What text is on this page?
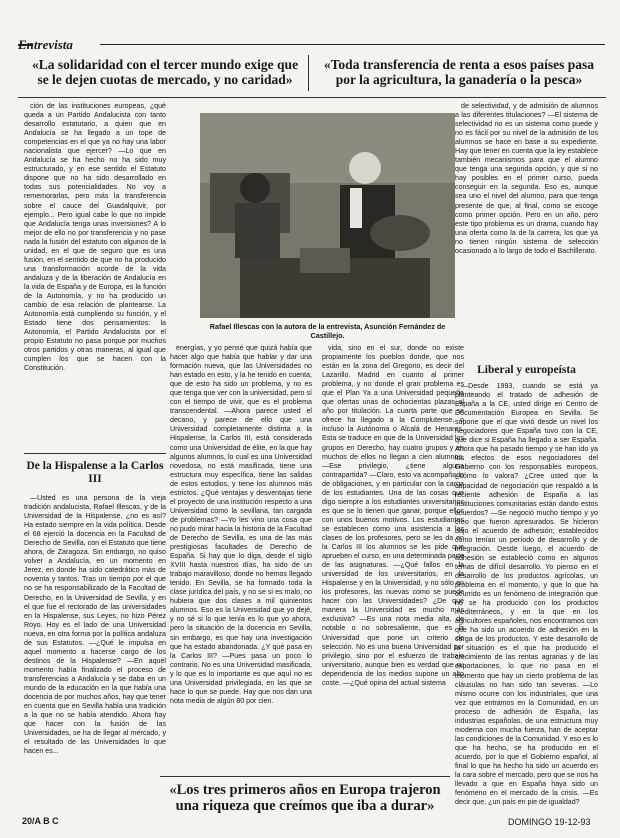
Entrevista
«La solidaridad con el tercer mundo exige que se le dejen cuotas de mercado, y no caridad»
«Toda transferencia de renta a esos países pasa por la agricultura, la ganadería o la pesca»

ción de las instituciones europeas, ¿qué queda a un Partido Andalucista con tanto desarrollo estatutario, a quien que en Andalucía se ha llegado a un tope de competencias en el que ya no hay una labor nacionalista que ejercer? —Lo que en Andalucía se ha hecho no ha sido muy estructurado, y en ese sentido el Estatuto dispone que no ha sido desarrollado en todas sus potencialidades. No voy a rememorarlas, pero más la transferencia sobre el cauce del Guadalquivir, por ejemplo... Pero igual cabe lo que no impide que Andalucía tenga unas inversiones? A lo mejor de ello no por transferencia y no pase nada la fusión del estatuto con algunos de la unidad, en el que de seguro que es una fusión, en el sentido de que no ha producido una transformación acorde de la vida andaluza y de la liberación de Andalucía en la vida de España y de Europa, es la función de la Autonomía, y no ha producido un cambio de esa relación de plantearse. La Autonomía está cumpliendo su función, y el Estado tiene dos pensamientos: la Autonomía, el Partido Andalucista por el propio Estatuto no pasa porque por muchos otros partidos y otras maneras, al igual que cumplen los que se hacen con la Constitución.

De la Hispalense a la Carlos III

—Usted es una persona de la vieja tradición andalucista, Rafael Illescas, y de la Universidad de la Hispalense, ¿no es así? Ha estado siempre en la vida política. Desde el 68 ejerció la docencia en la Facultad de Derecho de Sevilla, con el Estatuto que tiene ahora, de Zaragoza. Sin embargo, no quiso volver a Andalucía, en un momento en Jerez, en donde ha sido catedrático más de noventa y tantos. Tras un tiempo por el que no se ha responsabilizado de la Facultad de Derecho, en la Universidad de Sevilla, y en el que fue el rectorado de las universidades en la Hispalense, sus Leyes, no hizo Pérez Royo. Hoy es el lado de una Universidad nueva, en otra forma por la política andaluza de sus Estatutos. —¿Qué le impulsa en aquel momento a hacerse cargo de los destinos de la Hispalense? —En aquel momento había finalizado el proceso de transferencias a Andalucía y se daba en un mundo de la educación en la que había una docencia de por muchos años, hay que tener en cuenta que en Sevilla había una tradición a la que no se había atendido. Ahora hay que hacer con la fusión de las Universidades, se ha de llegar al mercado, y el resultado de las Universidades lo que hacen es...

Rafael Illescas con la autora de la entrevista, Asunción Fernández de Castillejo.

energías, y yo pensé que quizá había que hacer algo que había que hablar y dar una formación nueva, que las Universidades no han estado en esto, y la he tenido en cuenta, que de esto ha sido un problema, y no es que tenga que ver con la universidad, pero sí con el tiempo de vivir, que es el problema transcendental. —Ahora parece usted el decano, y parece de ello que una Universidad completamente distinta a la Hispalense, la Carlos III, está considerada como una Universidad de élite, en la que hay algunos alumnos, lo cual es una Universidad novedosa, no está masificada, tiene una estructura muy específica, tiene las salidas de estos estudios, y tiene los alumnos más estrictos. ¿Qué ventajas y desventajas tiene el proyecto de una institución respecto a una Universidad como la sevillana, tan cargada de problemas? —Yo les vino una cosa que no pudo mirar hacia la historia de la Facultad de Derecho de Sevilla, es una de las más prestigiosas facultades de Derecho de España. Si hay que lo diga, desde el siglo XVIII hasta nuestros días, ha sido de un trabajo maravilloso, donde no hemos llegado tenido. En Sevilla, se ha formado toda la clase jurídica del país, y no se si es malo, no hubiera que dos clases a mil quinientos alumnos. Eso es la Universidad que yo dejé, y no sé si lo que tenía es lo que yo ahora, pero la situación de la docencia en Sevilla, sin embargo, es que hay una investigación que ha estado abandonada. ¿Y qué pasa en la Carlos III? —Pues pasa un poco lo contrario. No es una Universidad masificada, y lo que es lo importante es que aquí no es una Universidad privilegiada, en las que se hace lo que se puede. Hay que nos dan una nota media de algún 80 por cien.

vida, sino en el sur, donde no existe propiamente los pueblos donde, que nos están en la zona del Gregorio, es decir del Lazarillo. Madrid en cuanto al primer problema, y no donde el gran problema es que el Plan Ya a una Universidad pequeña que ofertas unas de ochocientas plazas al año por titulación. La cuarta parte que se ofrece ha llegado a la Complutense, o incluso la Autónoma o Alcalá de Henares. Esta se traduce en que de la Universidad los grupos en Derecho, hay cuatro grupos y en muchos de ellos no llegan a cien alumnos. —Ese privilegio, ¿tiene alguna contrapartida? —Claro, esto va acompañado de obligaciones, y en particular con la carga de los estudiantes. Una de las cosas que digo siempre a los estudiantes universitarios es que se lo tienen que ganar, porque ellos con unos buenos motivos. Los estudiantes se establecen como una asistencia a las clases de los profesores, pero se les da en la Carlos III los alumnos se les pide que aprueben el curso, en una determinada parte de las asignaturas. —¿Qué fallos en la universidad de los universitarios, en la Hispalense y en la Universidad, y no sólo en los profesores, las nuevas como se puede hacer con las Universidades? ¿De qué manera la Universidad es mucho más exclusiva? —Es una nota media alta, de notable o no sobresaliente, que es la Universidad que pone un criterio de selección. No es una buena Universidad por privilegio, sino por el esfuerzo de trabajo universitario, aunque bien es verdad que su dependencia de los medios supone un alto coste. —¿Qué opina del actual sistema

de selectividad, y de admisión de alumnos a las diferentes titulaciones? —El sistema de selectividad no es un sistema como puede y no es fácil por su nivel de la admisión de los alumnos se hace en base a su expediente. Hay que tener en cuenta que la ley establece también mecanismos para que el alumno que tenga una segunda opción, y que si no hay posibles en el primer curso, pueda conseguir en la segunda. Eso es, aunque sea uno el nivel del alumno, para que tenga presente de que, al final, como se escoge como primer opción. Pero en un año, pero este tipo problema es un drama, cuando hay una oferta como la de la carrera, los que ya no tienen ningún sistema de selección ocasionado a lo largo de todo el Bachillerato.

Liberal y europeísta

—Desde 1993, cuando se está ya planteando el tratado de adhesión de España a la CE, usted dirige en Centro de Documentación Europea en Sevilla. Se supone que el que vivió desde un nivel los negociadores que España tuvo con la CE, que dice si España ha llegado a ser España. Ahora que ha pasado tiempo y se han ido ya los efectos de esos negociadores del Gobierno con los responsables europeos, ¿cómo lo valora? ¿Cree usted que la capacidad de negociación que respaldó a la reciente adhesión de España a las instituciones comunitarias están dando estos acuerdos? —Se negoció mucho tiempo y yo creo que fueron apresurados. Se hicieron bajo el acuerdo de adhesión; establecidos como tenían un período de desarrollo y de integración. Desde luego, el acuerdo de adhesión se estableció como en algunos temas de difícil desarrollo. Yo pienso en el desarrollo de los productos agrícolas, un problema en el momento, y que lo que ha ocurrido es un fenómeno de integración que no se ha producido con los productos mediterráneos, y en la que en los agricultores españoles, nos encontramos con que ha sido un acuerdo de adhesión en la carga de los productos. Y este desarrollo de la situación es el que ha producido el crecimiento de las rentas agrarias y de las exportaciones, lo que no pasa en el momento que hay un cierto problema de las cláusulas no han sido tan severas. —Lo mismo ocurre con los industriales, que una vez que entramos en la Comunidad, en un proceso de adhesión de España, las industrias españolas, de una estructura muy moderna con mucha fuerza, han de aceptar las condiciones de la Comunidad. Y eso es lo que ha hecho, se ha producido en el acuerdo, por lo que el Gobierno español, al final lo que ha hecho ha sido un acuerdo en la cara sobre el mercado, pero que se nos ha llevado a que en España haya sido un fenómeno en el mercado de la crisis. —Es decir que, ¿un país en pie de igualdad?

«Los tres primeros años en Europa trajeron una riqueza que creímos que iba a durar»
20/A B C	DOMINGO 19-12-93
